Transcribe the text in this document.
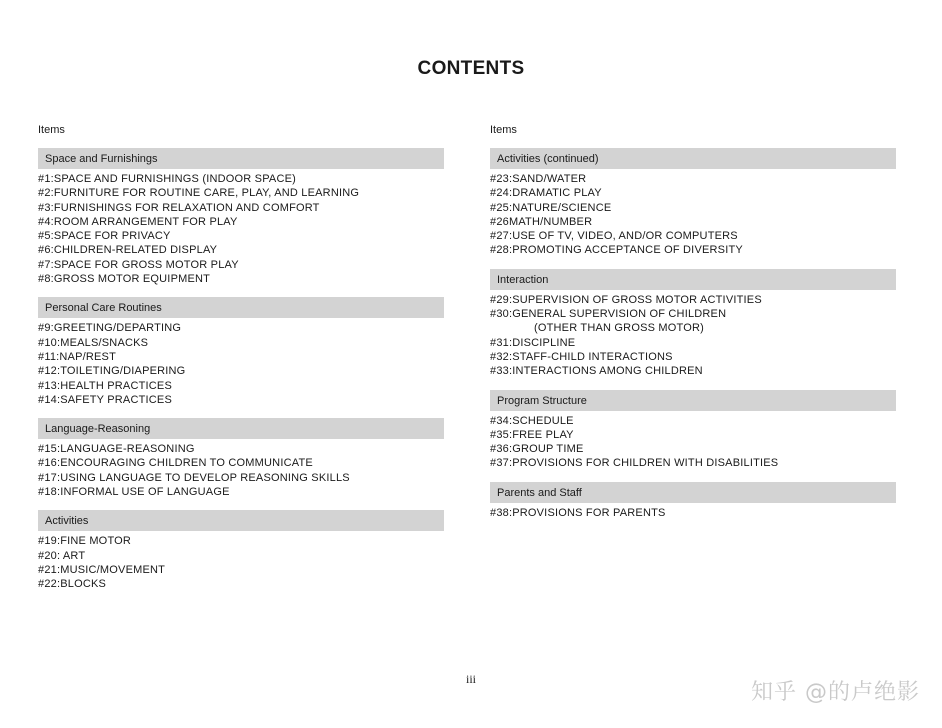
CONTENTS
Items
Space and Furnishings
#1:SPACE AND FURNISHINGS (INDOOR SPACE)
#2:FURNITURE FOR ROUTINE CARE, PLAY, AND LEARNING
#3:FURNISHINGS FOR RELAXATION AND COMFORT
#4:ROOM ARRANGEMENT FOR PLAY
#5:SPACE FOR PRIVACY
#6:CHILDREN-RELATED DISPLAY
#7:SPACE FOR GROSS MOTOR PLAY
#8:GROSS MOTOR EQUIPMENT
Personal Care Routines
#9:GREETING/DEPARTING
#10:MEALS/SNACKS
#11:NAP/REST
#12:TOILETING/DIAPERING
#13:HEALTH PRACTICES
#14:SAFETY PRACTICES
Language-Reasoning
#15:LANGUAGE-REASONING
#16:ENCOURAGING CHILDREN TO COMMUNICATE
#17:USING LANGUAGE TO DEVELOP REASONING SKILLS
#18:INFORMAL USE OF LANGUAGE
Activities
#19:FINE MOTOR
#20: ART
#21:MUSIC/MOVEMENT
#22:BLOCKS
Items
Activities (continued)
#23:SAND/WATER
#24:DRAMATIC PLAY
#25:NATURE/SCIENCE
#26MATH/NUMBER
#27:USE OF TV, VIDEO, AND/OR COMPUTERS
#28:PROMOTING ACCEPTANCE OF DIVERSITY
Interaction
#29:SUPERVISION OF GROSS MOTOR ACTIVITIES
#30:GENERAL SUPERVISION OF CHILDREN
(OTHER THAN GROSS MOTOR)
#31:DISCIPLINE
#32:STAFF-CHILD INTERACTIONS
#33:INTERACTIONS AMONG CHILDREN
Program Structure
#34:SCHEDULE
#35:FREE PLAY
#36:GROUP TIME
#37:PROVISIONS FOR CHILDREN WITH DISABILITIES
Parents and Staff
#38:PROVISIONS FOR PARENTS
iii
知乎 @的卢绝影
